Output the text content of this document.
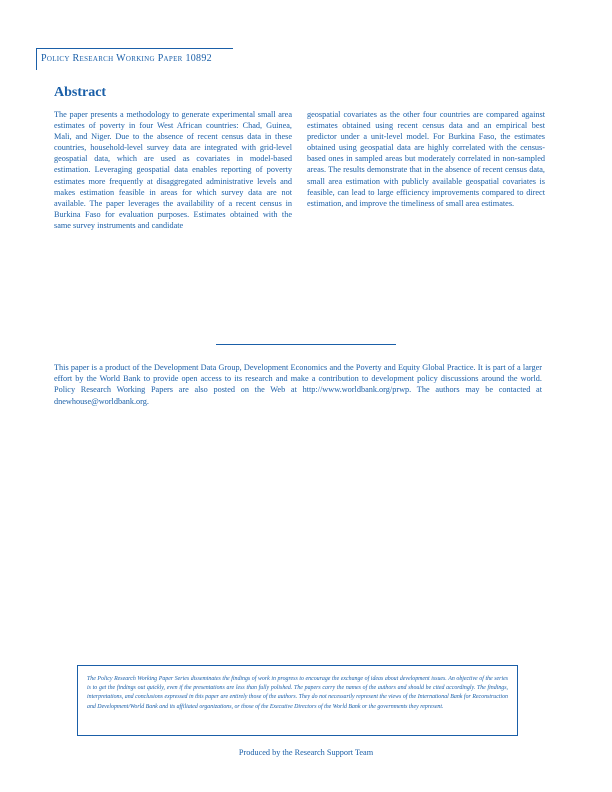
Policy Research Working Paper 10892
Abstract

The paper presents a methodology to generate experimental small area estimates of poverty in four West African countries: Chad, Guinea, Mali, and Niger. Due to the absence of recent census data in these countries, household-level survey data are integrated with grid-level geospatial data, which are used as covariates in model-based estimation. Leveraging geospatial data enables reporting of poverty estimates more frequently at disaggregated administrative levels and makes estimation feasible in areas for which survey data are not available. The paper leverages the availability of a recent census in Burkina Faso for evaluation purposes. Estimates obtained with the same survey instruments and candidate

geospatial covariates as the other four countries are compared against estimates obtained using recent census data and an empirical best predictor under a unit-level model. For Burkina Faso, the estimates obtained using geospatial data are highly correlated with the census-based ones in sampled areas but moderately correlated in non-sampled areas. The results demonstrate that in the absence of recent census data, small area estimation with publicly available geospatial covariates is feasible, can lead to large efficiency improvements compared to direct estimation, and improve the timeliness of small area estimates.

This paper is a product of the Development Data Group, Development Economics and the Poverty and Equity Global Practice. It is part of a larger effort by the World Bank to provide open access to its research and make a contribution to development policy discussions around the world. Policy Research Working Papers are also posted on the Web at http://www.worldbank.org/prwp. The authors may be contacted at dnewhouse@worldbank.org.

The Policy Research Working Paper Series disseminates the findings of work in progress to encourage the exchange of ideas about development issues. An objective of the series is to get the findings out quickly, even if the presentations are less than fully polished. The papers carry the names of the authors and should be cited accordingly. The findings, interpretations, and conclusions expressed in this paper are entirely those of the authors. They do not necessarily represent the views of the International Bank for Reconstruction and Development/World Bank and its affiliated organizations, or those of the Executive Directors of the World Bank or the governments they represent.

Produced by the Research Support Team
